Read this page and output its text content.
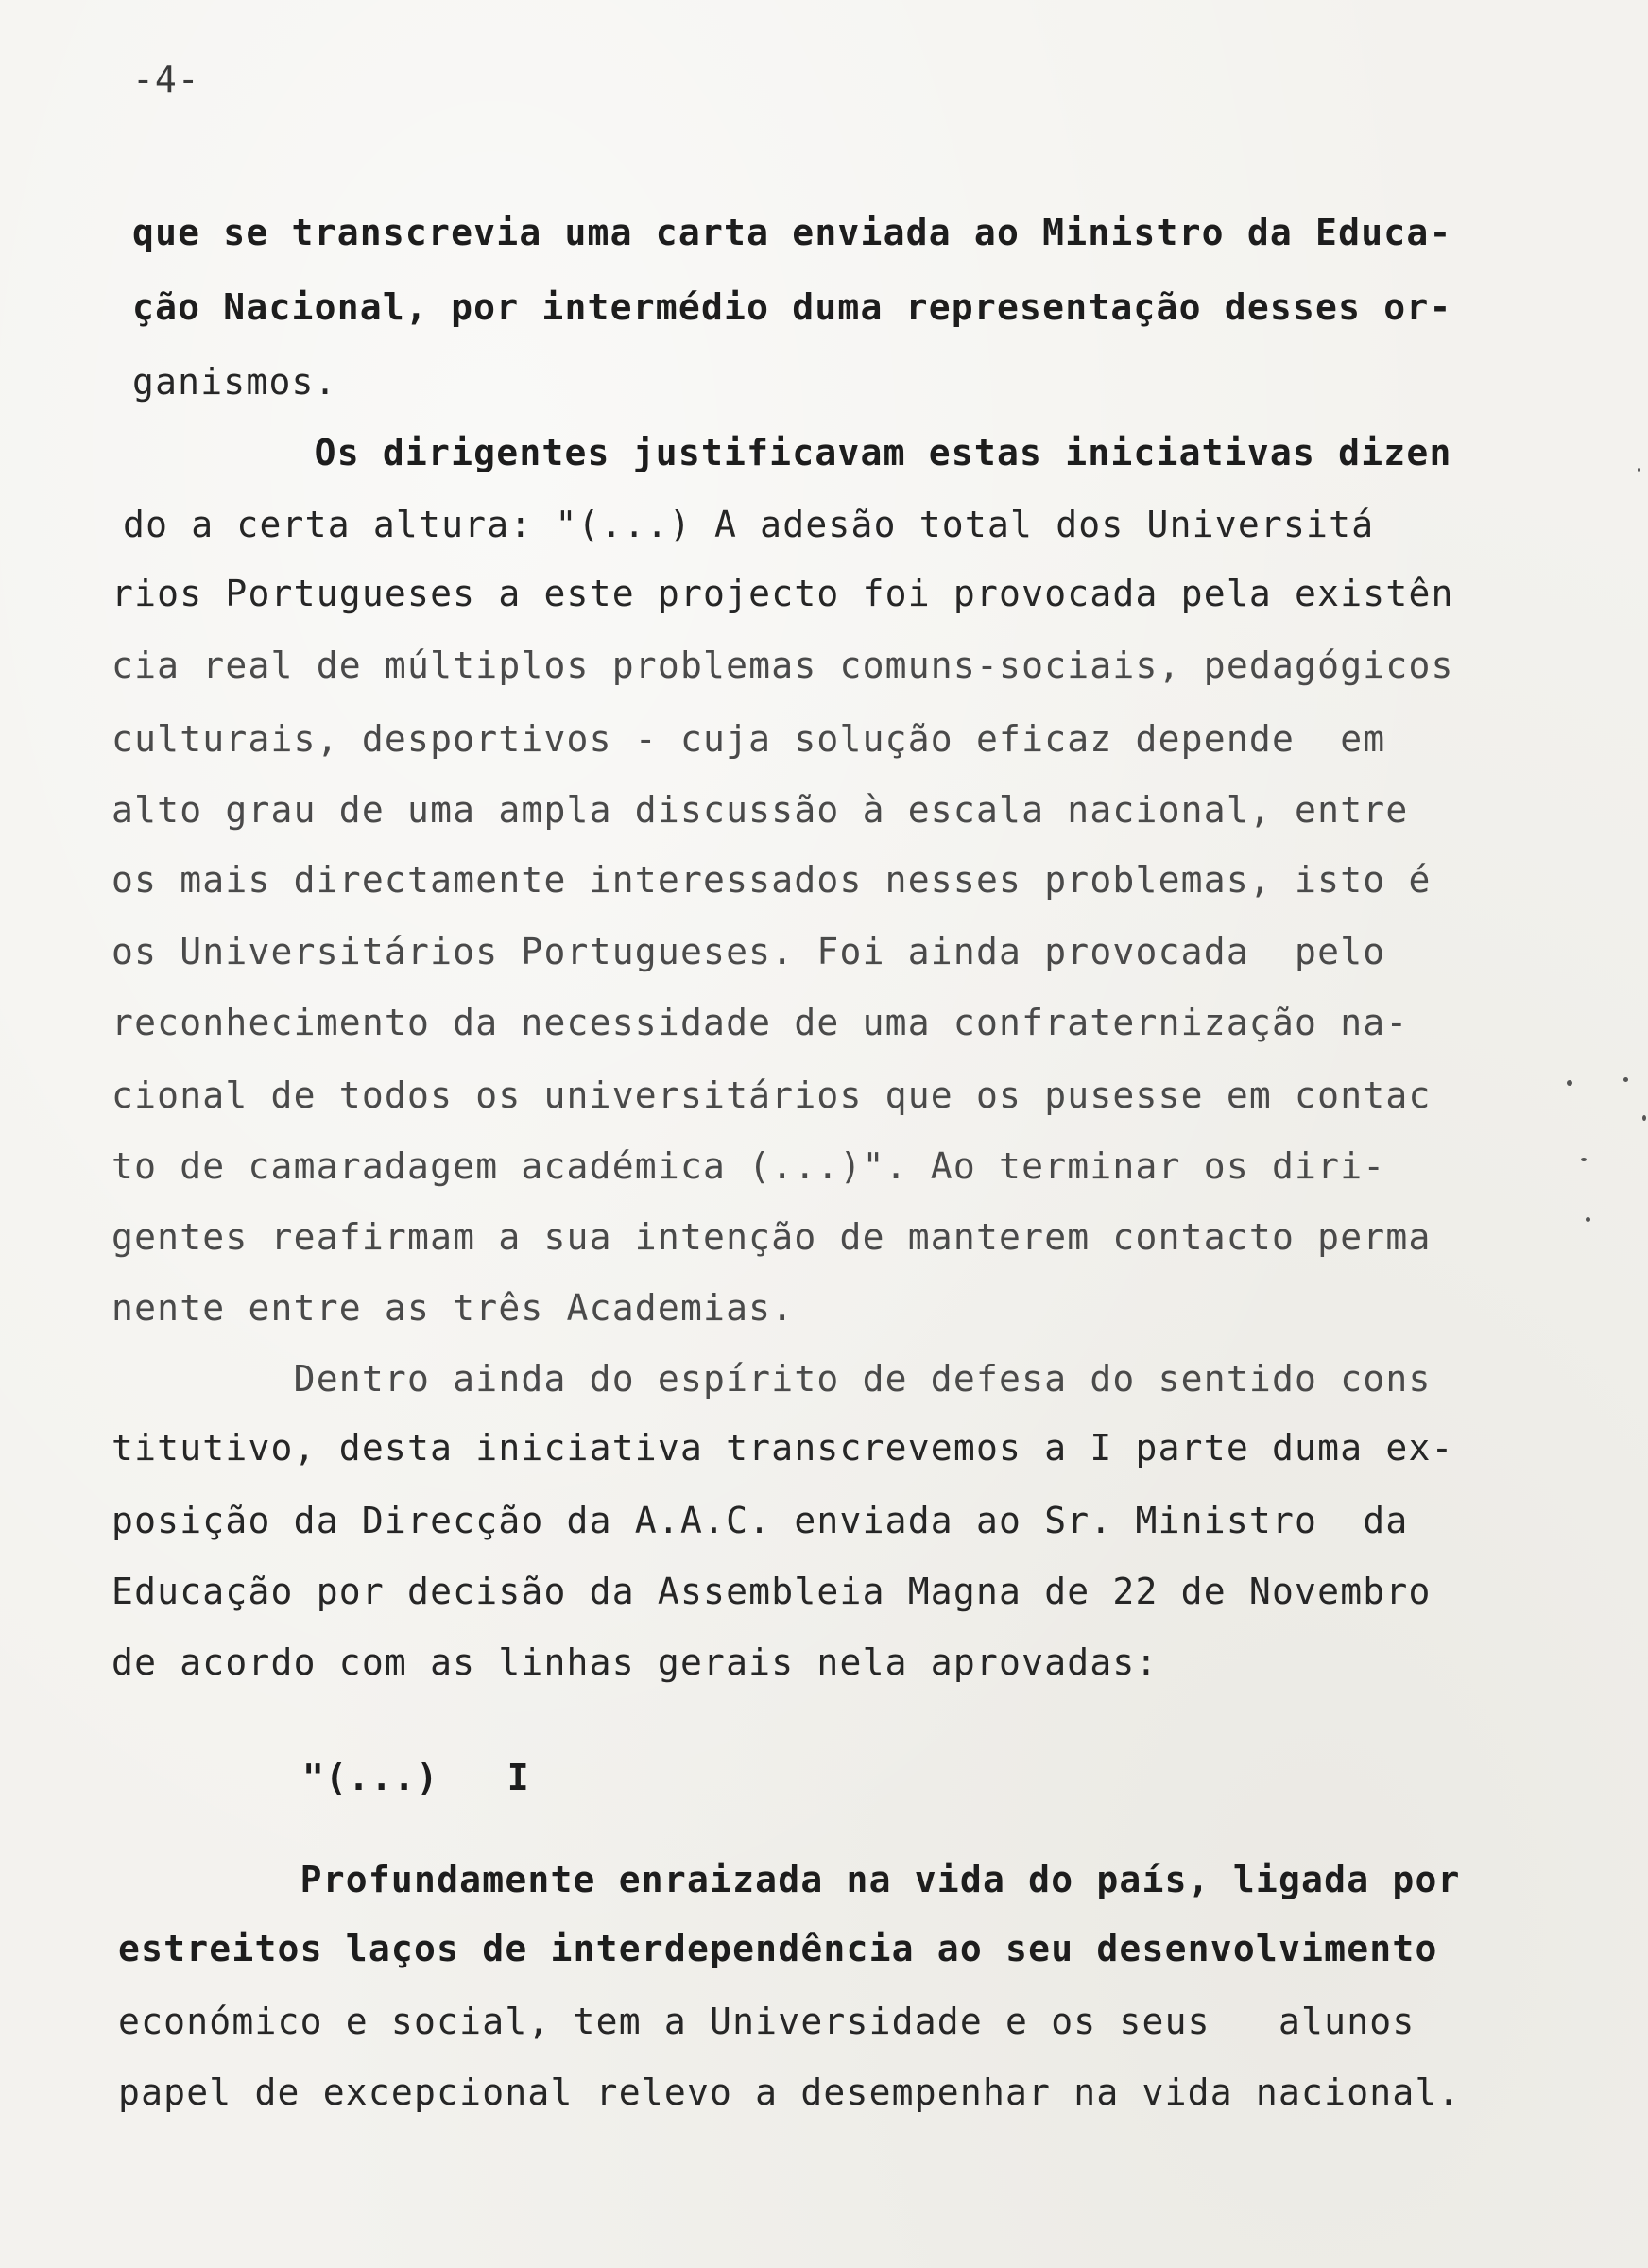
-4-
que se transcrevia uma carta enviada ao Ministro da Educa-
ção Nacional, por intermédio duma representação desses or-
ganismos.
Os dirigentes justificavam estas iniciativas dizen
do a certa altura: "(...) A adesão total dos Universitá
rios Portugueses a este projecto foi provocada pela existên
cia real de múltiplos problemas comuns-sociais, pedagógicos
culturais, desportivos - cuja solução eficaz depende  em
alto grau de uma ampla discussão à escala nacional, entre
os mais directamente interessados nesses problemas, isto é
os Universitários Portugueses. Foi ainda provocada  pelo
reconhecimento da necessidade de uma confraternização na-
cional de todos os universitários que os pusesse em contac
to de camaradagem académica (...)". Ao terminar os diri-
gentes reafirmam a sua intenção de manterem contacto perma
nente entre as três Academias.
Dentro ainda do espírito de defesa do sentido cons
titutivo, desta iniciativa transcrevemos a I parte duma ex-
posição da Direcção da A.A.C. enviada ao Sr. Ministro  da
Educação por decisão da Assembleia Magna de 22 de Novembro
de acordo com as linhas gerais nela aprovadas:
"(...)   I
Profundamente enraizada na vida do país, ligada por
estreitos laços de interdependência ao seu desenvolvimento
económico e social, tem a Universidade e os seus   alunos
papel de excepcional relevo a desempenhar na vida nacional.
